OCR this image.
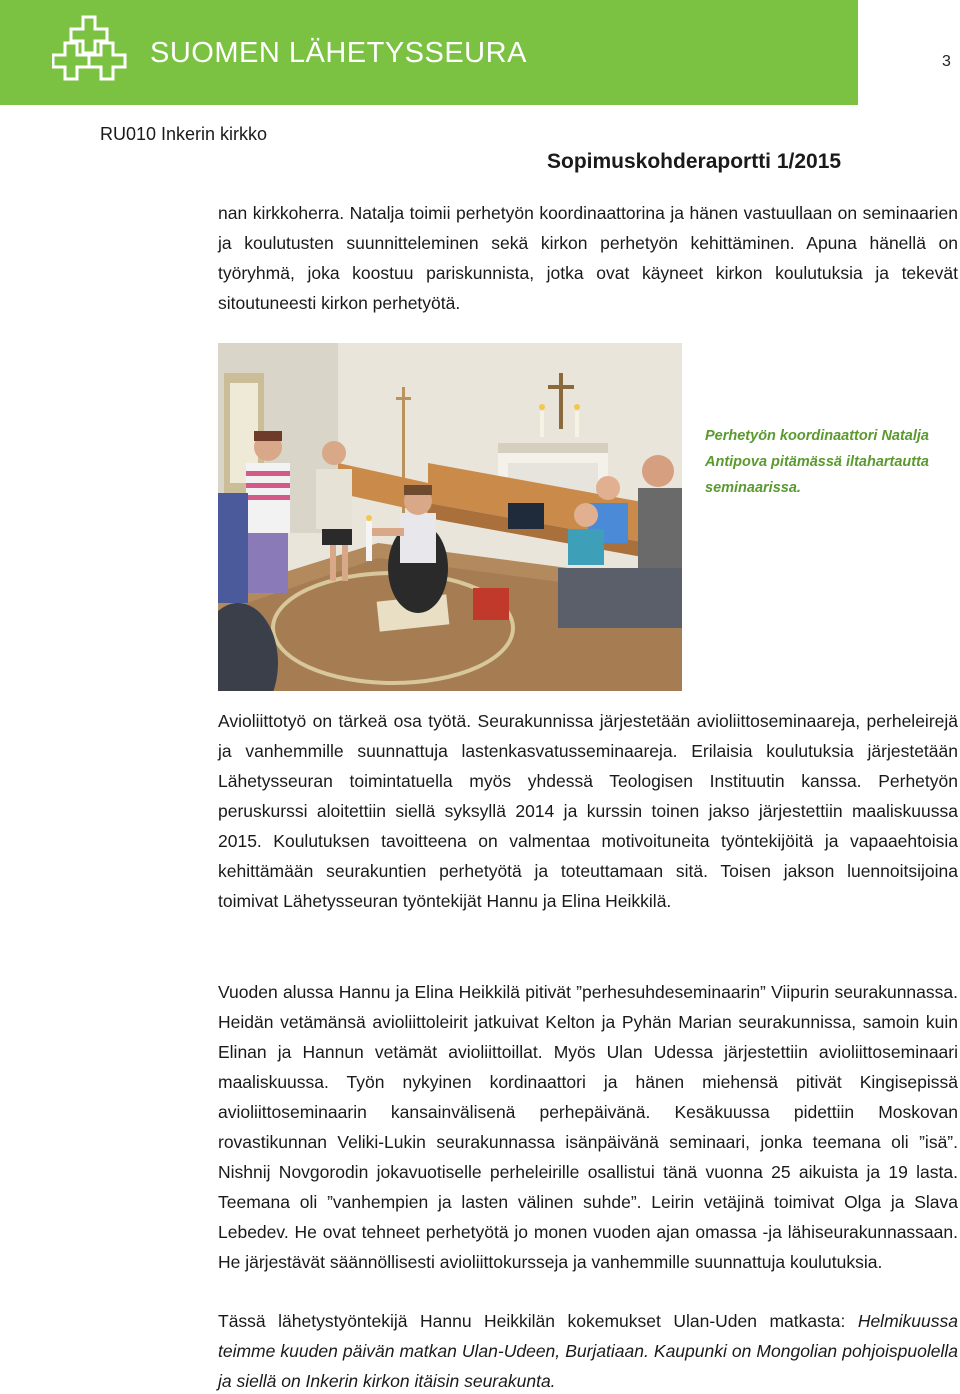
SUOMEN LÄHETYSSEURA	3
RU010 Inkerin kirkko
Sopimuskohderaportti 1/2015

nan kirkkoherra. Natalja toimii perhetyön koordinaattorina ja hänen vastuullaan on seminaarien ja koulutusten suunnitteleminen sekä kirkon perhetyön kehittäminen. Apuna hänellä on työryhmä, joka koostuu pariskunnista, jotka ovat käyneet kirkon koulutuksia ja tekevät sitoutuneesti kirkon perhetyötä.

Perhetyön koordinaattori Natalja Antipova pitämässä iltahartautta seminaarissa.

Avioliittotyö on tärkeä osa työtä. Seurakunnissa järjestetään avioliittoseminaareja, perheleirejä ja vanhemmille suunnattuja lastenkasvatusseminaareja. Erilaisia koulutuksia järjestetään Lähetysseuran toimintatuella myös yhdessä Teologisen Instituutin kanssa. Perhetyön peruskurssi aloitettiin siellä syksyllä 2014 ja kurssin toinen jakso järjestettiin maaliskuussa 2015. Koulutuksen tavoitteena on valmentaa motivoituneita työntekijöitä ja vapaaehtoisia kehittämään seurakuntien perhetyötä ja toteuttamaan sitä. Toisen jakson luennoitsijoina toimivat Lähetysseuran työntekijät Hannu ja Elina Heikkilä.

Vuoden alussa Hannu ja Elina Heikkilä pitivät ”perhesuhdeseminaarin” Viipurin seurakunnassa. Heidän vetämänsä avioliittoleirit jatkuivat Kelton ja Pyhän Marian seurakunnissa, samoin kuin Elinan ja Hannun vetämät avioliittoillat. Myös Ulan Udessa järjestettiin avioliittoseminaari maaliskuussa. Työn nykyinen kordinaattori ja hänen miehensä pitivät Kingisepissä avioliittoseminaarin kansainvälisenä perhepäivänä. Kesäkuussa pidettiin Moskovan rovastikunnan Veliki-Lukin seurakunnassa isänpäivänä seminaari, jonka teemana oli ”isä”. Nishnij Novgorodin jokavuotiselle perheleirille osallistui tänä vuonna 25 aikuista ja 19 lasta. Teemana oli ”vanhempien ja lasten välinen suhde”. Leirin vetäjinä toimivat Olga ja Slava Lebedev. He ovat tehneet perhetyötä jo monen vuoden ajan omassa -ja lähiseurakunnassaan. He järjestävät säännöllisesti avioliittokursseja ja vanhemmille suunnattuja koulutuksia.

Tässä lähetystyöntekijä Hannu Heikkilän kokemukset Ulan-Uden matkasta: Helmikuussa teimme kuuden päivän matkan Ulan-Udeen, Burjatiaan. Kaupunki on Mongolian pohjoispuolella ja siellä on Inkerin kirkon itäisin seurakunta.
